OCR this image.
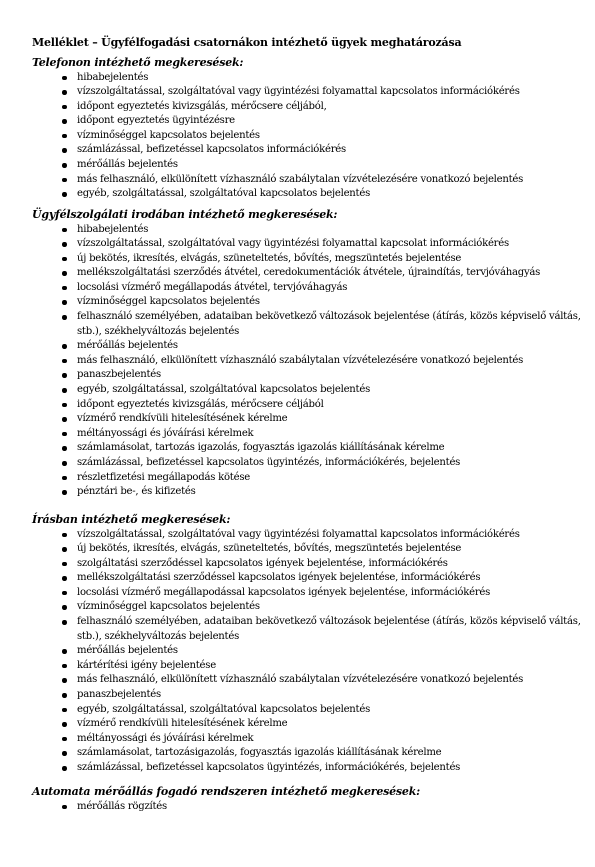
Melléklet – Ügyfélfogadási csatornákon intézhető ügyek meghatározása
Telefonon intézhető megkeresések:
hibabejelentés
vízszolgáltatással, szolgáltatóval vagy ügyintézési folyamattal kapcsolatos információkérés
időpont egyeztetés kivizsgálás, mérőcsere céljából,
időpont egyeztetés ügyintézésre
vízminőséggel kapcsolatos bejelentés
számlázással, befizetéssel kapcsolatos információkérés
mérőállás bejelentés
más felhasználó, elkülönített vízhasználó szabálytalan vízvételezésére vonatkozó bejelentés
egyéb, szolgáltatással, szolgáltatóval kapcsolatos bejelentés
Ügyfélszolgálati irodában intézhető megkeresések:
hibabejelentés
vízszolgáltatással, szolgáltatóval vagy ügyintézési folyamattal kapcsolat információkérés
új bekötés, ikresítés, elvágás, szüneteltetés, bővítés, megszüntetés bejelentése
mellékszolgáltatási szerződés átvétel, ceredokumentációk átvétele, újraindítás, tervjóváhagyás
locsolási vízmérő megállapodás átvétel, tervjóváhagyás
vízminőséggel kapcsolatos bejelentés
felhasználó személyében, adataiban bekövetkező változások bejelentése (átírás, közös képviselő váltás, stb.), székhelyváltozás bejelentés
mérőállás bejelentés
más felhasználó, elkülönített vízhasználó szabálytalan vízvételezésére vonatkozó bejelentés
panaszbejelentés
egyéb, szolgáltatással, szolgáltatóval kapcsolatos bejelentés
időpont egyeztetés kivizsgálás, mérőcsere céljából
vízmérő rendkívüli hitelesítésének kérelme
méltányossági és jóváírási kérelmek
számlamásolat, tartozás igazolás, fogyasztás igazolás kiállításának kérelme
számlázással, befizetéssel kapcsolatos ügyintézés, információkérés, bejelentés
részletfizetési megállapodás kötése
pénztári be-, és kifizetés
Írásban intézhető megkeresések:
vízszolgáltatással, szolgáltatóval vagy ügyintézési folyamattal kapcsolatos információkérés
új bekötés, ikresítés, elvágás, szüneteltetés, bővítés, megszüntetés bejelentése
szolgáltatási szerződéssel kapcsolatos igények bejelentése, információkérés
mellékszolgáltatási szerződéssel kapcsolatos igények bejelentése, információkérés
locsolási vízmérő megállapodással kapcsolatos igények bejelentése, információkérés
vízminőséggel kapcsolatos bejelentés
felhasználó személyében, adataiban bekövetkező változások bejelentése (átírás, közös képviselő váltás, stb.), székhelyváltozás bejelentés
mérőállás bejelentés
kártérítési igény bejelentése
más felhasználó, elkülönített vízhasználó szabálytalan vízvételezésére vonatkozó bejelentés
panaszbejelentés
egyéb, szolgáltatással, szolgáltatóval kapcsolatos bejelentés
vízmérő rendkívüli hitelesítésének kérelme
méltányossági és jóváírási kérelmek
számlamásolat, tartozásigazolás, fogyasztás igazolás kiállításának kérelme
számlázással, befizetéssel kapcsolatos ügyintézés, információkérés, bejelentés
Automata mérőállás fogadó rendszeren intézhető megkeresések:
mérőállás rögzítés
